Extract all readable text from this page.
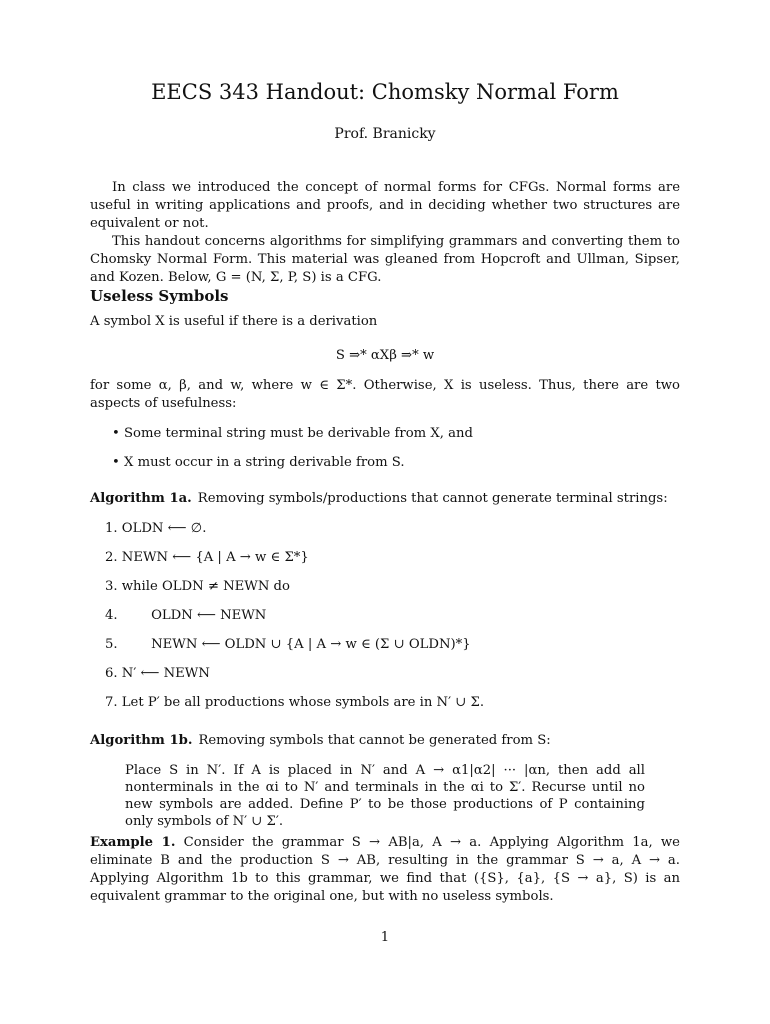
EECS 343 Handout: Chomsky Normal Form
Prof. Branicky

In class we introduced the concept of normal forms for CFGs. Normal forms are useful in writing applications and proofs, and in deciding whether two structures are equivalent or not.

This handout concerns algorithms for simplifying grammars and converting them to Chomsky Normal Form. This material was gleaned from Hopcroft and Ullman, Sipser, and Kozen. Below, G = (N, Σ, P, S) is a CFG.

Useless Symbols
A symbol X is useful if there is a derivation
S ⇒* αXβ ⇒* w
for some α, β, and w, where w ∈ Σ*. Otherwise, X is useless. Thus, there are two aspects of usefulness:
• Some terminal string must be derivable from X, and
• X must occur in a string derivable from S.
Algorithm 1a. Removing symbols/productions that cannot generate terminal strings:
1. OLDN ⟵ ∅.
2. NEWN ⟵ {A | A → w ∈ Σ*}
3. while OLDN ≠ NEWN do
4.        OLDN ⟵ NEWN
5.        NEWN ⟵ OLDN ∪ {A | A → w ∈ (Σ ∪ OLDN)*}
6. N′ ⟵ NEWN
7. Let P′ be all productions whose symbols are in N′ ∪ Σ.
Algorithm 1b. Removing symbols that cannot be generated from S:
Place S in N′. If A is placed in N′ and A → α1|α2| ··· |αn, then add all nonterminals in the αi to N′ and terminals in the αi to Σ′. Recurse until no new symbols are added. Define P′ to be those productions of P containing only symbols of N′ ∪ Σ′.
Example 1. Consider the grammar S → AB|a, A → a. Applying Algorithm 1a, we eliminate B and the production S → AB, resulting in the grammar S → a, A → a. Applying Algorithm 1b to this grammar, we find that ({S}, {a}, {S → a}, S) is an equivalent grammar to the original one, but with no useless symbols.
1
